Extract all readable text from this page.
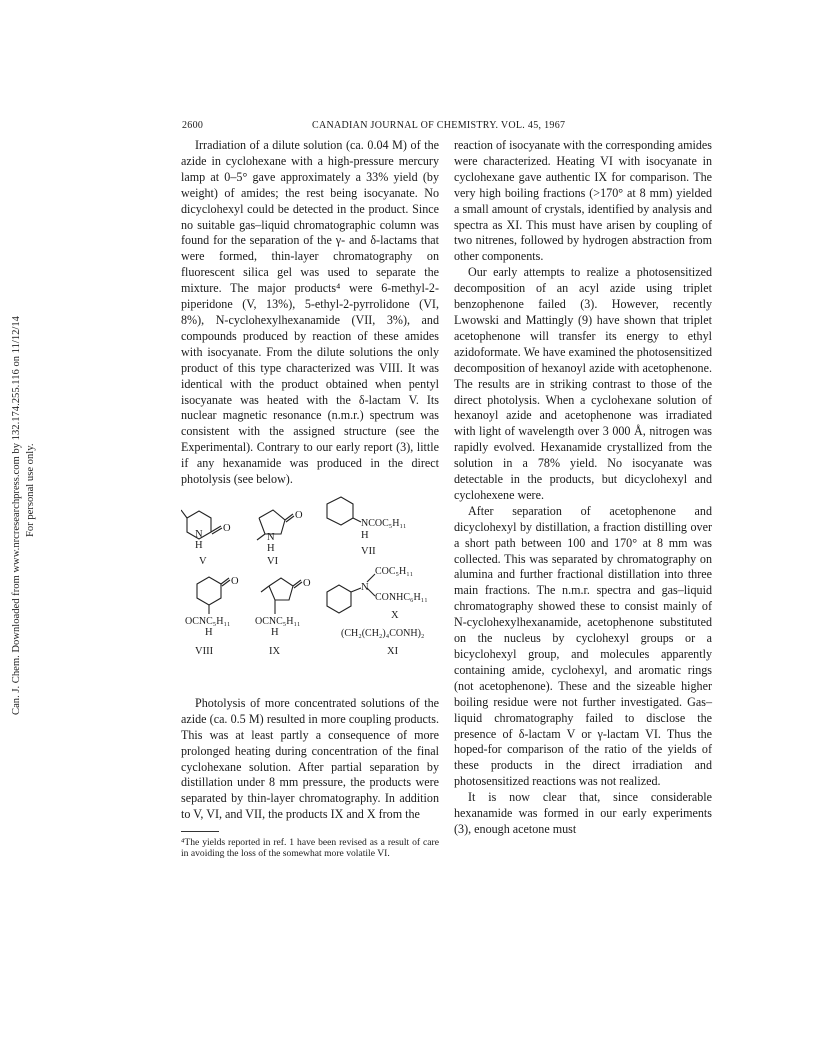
Can. J. Chem. Downloaded from www.nrcresearchpress.com by 132.174.255.116 on 11/12/14 For personal use only.
2600	CANADIAN JOURNAL OF CHEMISTRY. VOL. 45, 1967

Irradiation of a dilute solution (ca. 0.04 M) of the azide in cyclohexane with a high-pressure mercury lamp at 0–5° gave approximately a 33% yield (by weight) of amides; the rest being isocyanate. No dicyclohexyl could be detected in the product. Since no suitable gas–liquid chromatographic column was found for the separation of the γ- and δ-lactams that were formed, thin-layer chromatography on fluorescent silica gel was used to separate the mixture. The major products⁴ were 6-methyl-2-piperidone (V, 13%), 5-ethyl-2-pyrrolidone (VI, 8%), N-cyclohexylhexanamide (VII, 3%), and compounds produced by reaction of these amides with isocyanate. From the dilute solutions the only product of this type characterized was VIII. It was identical with the product obtained when pentyl isocyanate was heated with the δ-lactam V. Its nuclear magnetic resonance (n.m.r.) spectrum was consistent with the assigned structure (see the Experimental). Contrary to our early report (3), little if any hexanamide was produced in the direct photolysis (see below).

N
H
O
V
N
H
O
VI
NCOC₅H₁₁
H
VII
O
OCNC₅H₁₁
H
VIII
O
OCNC₅H₁₁
H
IX
N
COC₅H₁₁
CONHC₆H₁₁
X
(CH₂(CH₂)₄CONH)₂
XI

Photolysis of more concentrated solutions of the azide (ca. 0.5 M) resulted in more coupling products. This was at least partly a consequence of more prolonged heating during concentration of the final cyclohexane solution. After partial separation by distillation under 8 mm pressure, the products were separated by thin-layer chromatography. In addition to V, VI, and VII, the products IX and X from the

⁴The yields reported in ref. 1 have been revised as a result of care in avoiding the loss of the somewhat more volatile VI.

reaction of isocyanate with the corresponding amides were characterized. Heating VI with isocyanate in cyclohexane gave authentic IX for comparison. The very high boiling fractions (>170° at 8 mm) yielded a small amount of crystals, identified by analysis and spectra as XI. This must have arisen by coupling of two nitrenes, followed by hydrogen abstraction from other components.

Our early attempts to realize a photosensitized decomposition of an acyl azide using triplet benzophenone failed (3). However, recently Lwowski and Mattingly (9) have shown that triplet acetophenone will transfer its energy to ethyl azidoformate. We have examined the photosensitized decomposition of hexanoyl azide with acetophenone. The results are in striking contrast to those of the direct photolysis. When a cyclohexane solution of hexanoyl azide and acetophenone was irradiated with light of wavelength over 3 000 Å, nitrogen was rapidly evolved. Hexanamide crystallized from the solution in a 78% yield. No isocyanate was detectable in the products, but dicyclohexyl and cyclohexene were.

After separation of acetophenone and dicyclohexyl by distillation, a fraction distilling over a short path between 100 and 170° at 8 mm was collected. This was separated by chromatography on alumina and further fractional distillation into three main fractions. The n.m.r. spectra and gas–liquid chromatography showed these to consist mainly of N-cyclohexylhexanamide, acetophenone substituted on the nucleus by cyclohexyl groups or a bicyclohexyl group, and molecules apparently containing amide, cyclohexyl, and aromatic rings (not acetophenone). These and the sizeable higher boiling residue were not further investigated. Gas–liquid chromatography failed to disclose the presence of δ-lactam V or γ-lactam VI. Thus the hoped-for comparison of the ratio of the yields of these products in the direct irradiation and photosensitized reactions was not realized.

It is now clear that, since considerable hexanamide was formed in our early experiments (3), enough acetone must
